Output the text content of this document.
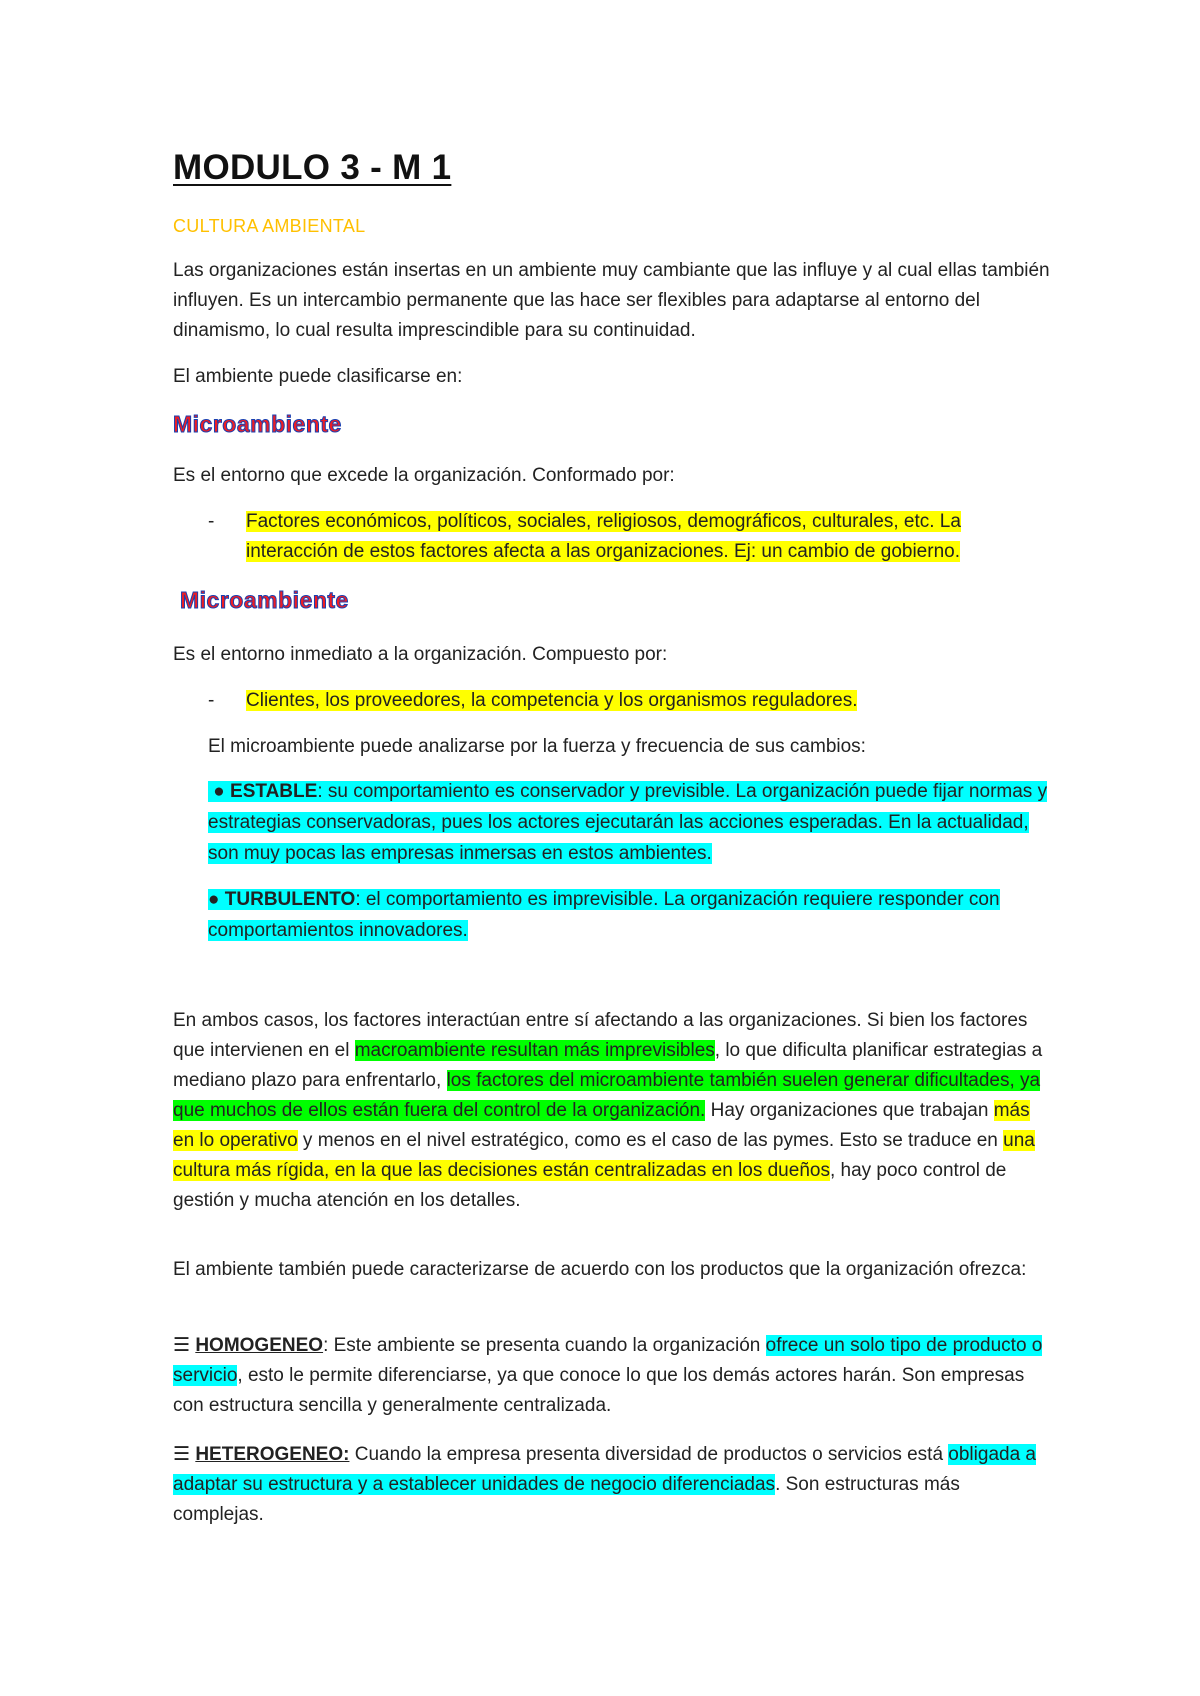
MODULO 3 - M 1

CULTURA AMBIENTAL

Las organizaciones están insertas en un ambiente muy cambiante que las influye y al cual ellas también influyen. Es un intercambio permanente que las hace ser flexibles para adaptarse al entorno del dinamismo, lo cual resulta imprescindible para su continuidad.

El ambiente puede clasificarse en:

Microambiente

Es el entorno que excede la organización. Conformado por:

- Factores económicos, políticos, sociales, religiosos, demográficos, culturales, etc. La interacción de estos factores afecta a las organizaciones. Ej: un cambio de gobierno.

Microambiente

Es el entorno inmediato a la organización. Compuesto por:

- Clientes, los proveedores, la competencia y los organismos reguladores.

El microambiente puede analizarse por la fuerza y frecuencia de sus cambios:

● ESTABLE: su comportamiento es conservador y previsible. La organización puede fijar normas y estrategias conservadoras, pues los actores ejecutarán las acciones esperadas. En la actualidad, son muy pocas las empresas inmersas en estos ambientes.

● TURBULENTO: el comportamiento es imprevisible. La organización requiere responder con comportamientos innovadores.

En ambos casos, los factores interactúan entre sí afectando a las organizaciones. Si bien los factores que intervienen en el macroambiente resultan más imprevisibles, lo que dificulta planificar estrategias a mediano plazo para enfrentarlo, los factores del microambiente también suelen generar dificultades, ya que muchos de ellos están fuera del control de la organización. Hay organizaciones que trabajan más en lo operativo y menos en el nivel estratégico, como es el caso de las pymes. Esto se traduce en una cultura más rígida, en la que las decisiones están centralizadas en los dueños, hay poco control de gestión y mucha atención en los detalles.

El ambiente también puede caracterizarse de acuerdo con los productos que la organización ofrezca:

☰ HOMOGENEO: Este ambiente se presenta cuando la organización ofrece un solo tipo de producto o servicio, esto le permite diferenciarse, ya que conoce lo que los demás actores harán. Son empresas con estructura sencilla y generalmente centralizada.

☰ HETEROGENEO: Cuando la empresa presenta diversidad de productos o servicios está obligada a adaptar su estructura y a establecer unidades de negocio diferenciadas. Son estructuras más complejas.
